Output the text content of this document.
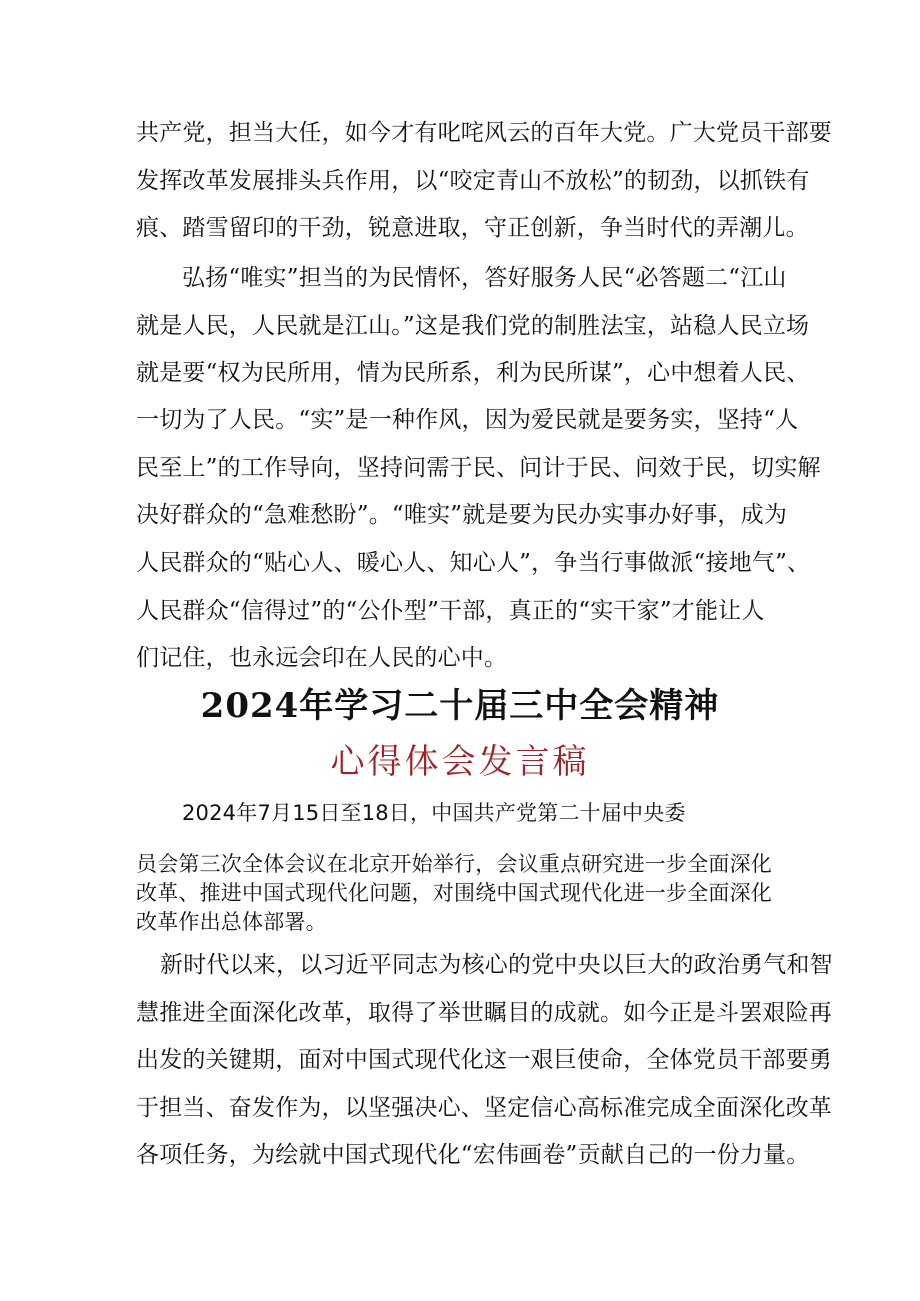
共产党，担当大任，如今才有叱咤风云的百年大党。广大党员干部要
发挥改革发展排头兵作用，以“咬定青山不放松”的韧劲，以抓铁有
痕、踏雪留印的干劲，锐意进取，守正创新，争当时代的弄潮儿。
弘扬“唯实”担当的为民情怀，答好服务人民“必答题二“江山
就是人民，人民就是江山。”这是我们党的制胜法宝，站稳人民立场
就是要“权为民所用，情为民所系，利为民所谋”，心中想着人民、
一切为了人民。“实”是一种作风，因为爱民就是要务实，坚持“人
民至上”的工作导向，坚持问需于民、问计于民、问效于民，切实解
决好群众的“急难愁盼”。“唯实”就是要为民办实事办好事，成为
人民群众的“贴心人、暖心人、知心人”，争当行事做派“接地气”、
人民群众“信得过”的“公仆型”干部，真正的“实干家”才能让人
们记住，也永远会印在人民的心中。
2024年学习二十届三中全会精神
心得体会发言稿
2024年7月15日至18日，中国共产党第二十届中央委
员会第三次全体会议在北京开始举行，会议重点研究进一步全面深化
改革、推进中国式现代化问题，对围绕中国式现代化进一步全面深化
改革作出总体部署。
新时代以来，以习近平同志为核心的党中央以巨大的政治勇气和智
慧推进全面深化改革，取得了举世瞩目的成就。如今正是斗罢艰险再
出发的关键期，面对中国式现代化这一艰巨使命，全体党员干部要勇
于担当、奋发作为，以坚强决心、坚定信心高标准完成全面深化改革
各项任务，为绘就中国式现代化“宏伟画卷”贡献自己的一份力量。
